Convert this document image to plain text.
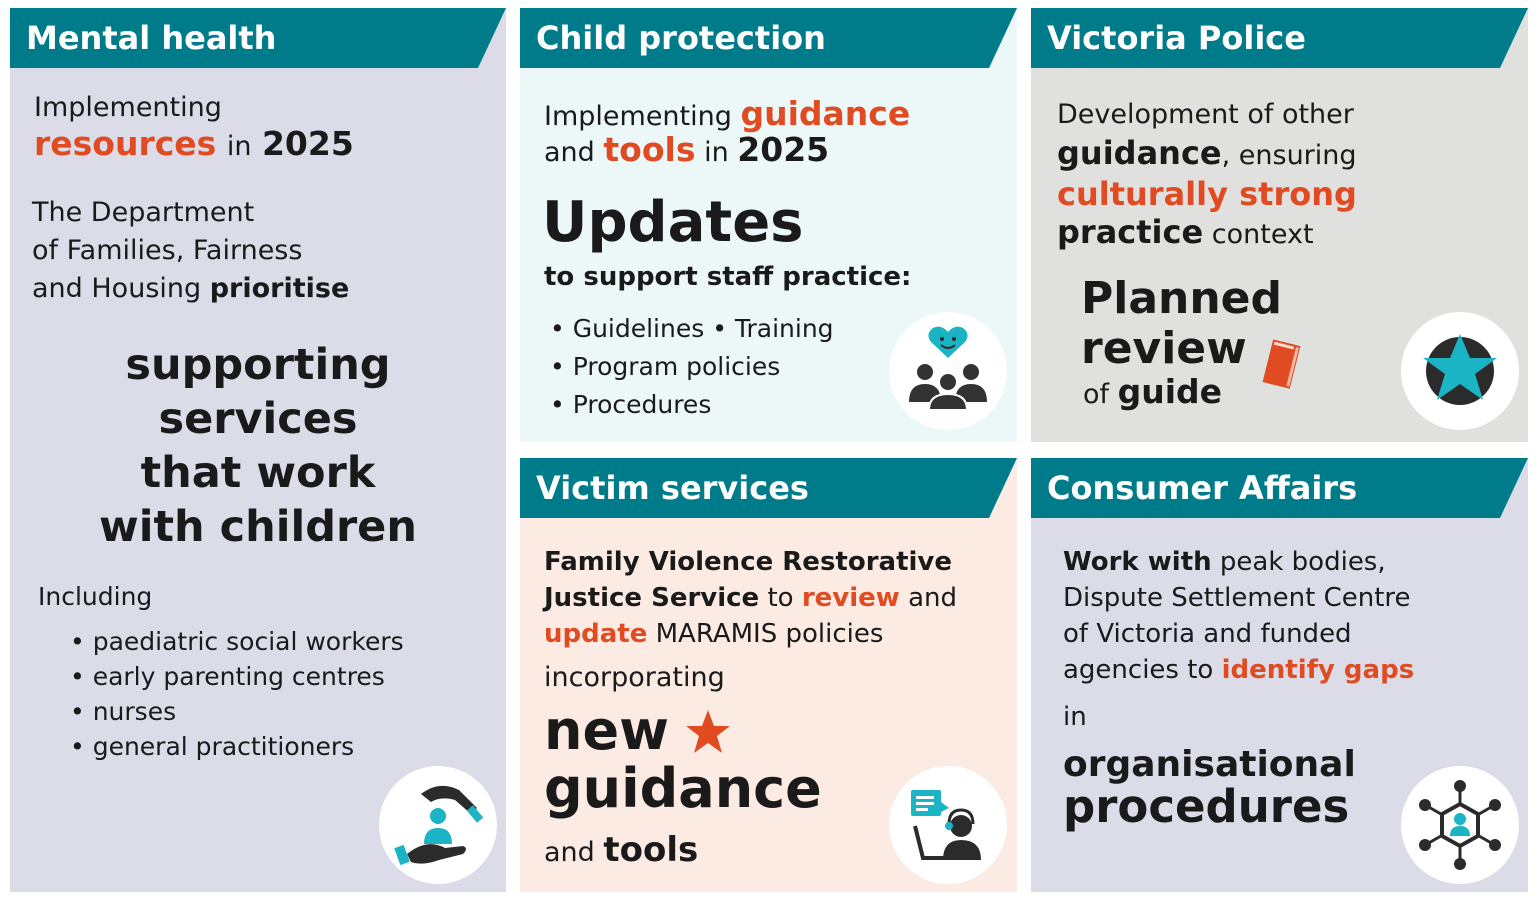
Mental health
Implementing
resources in 2025
The Department
of Families, Fairness
and Housing prioritise
supporting
services
that work
with children
Including
• paediatric social workers
• early parenting centres
• nurses
• general practitioners
Child protection
Implementing guidance
and tools in 2025
Updates
to support staff practice:
• Guidelines • Training
• Program policies
• Procedures
Victoria Police
Development of other
guidance, ensuring
culturally strong
practice context
Planned
review
of guide
Victim services
Family Violence Restorative
Justice Service to review and
update MARAMIS policies
incorporating
new
guidance
and tools
Consumer Affairs
Work with peak bodies,
Dispute Settlement Centre
of Victoria and funded
agencies to identify gaps
in
organisational
procedures
